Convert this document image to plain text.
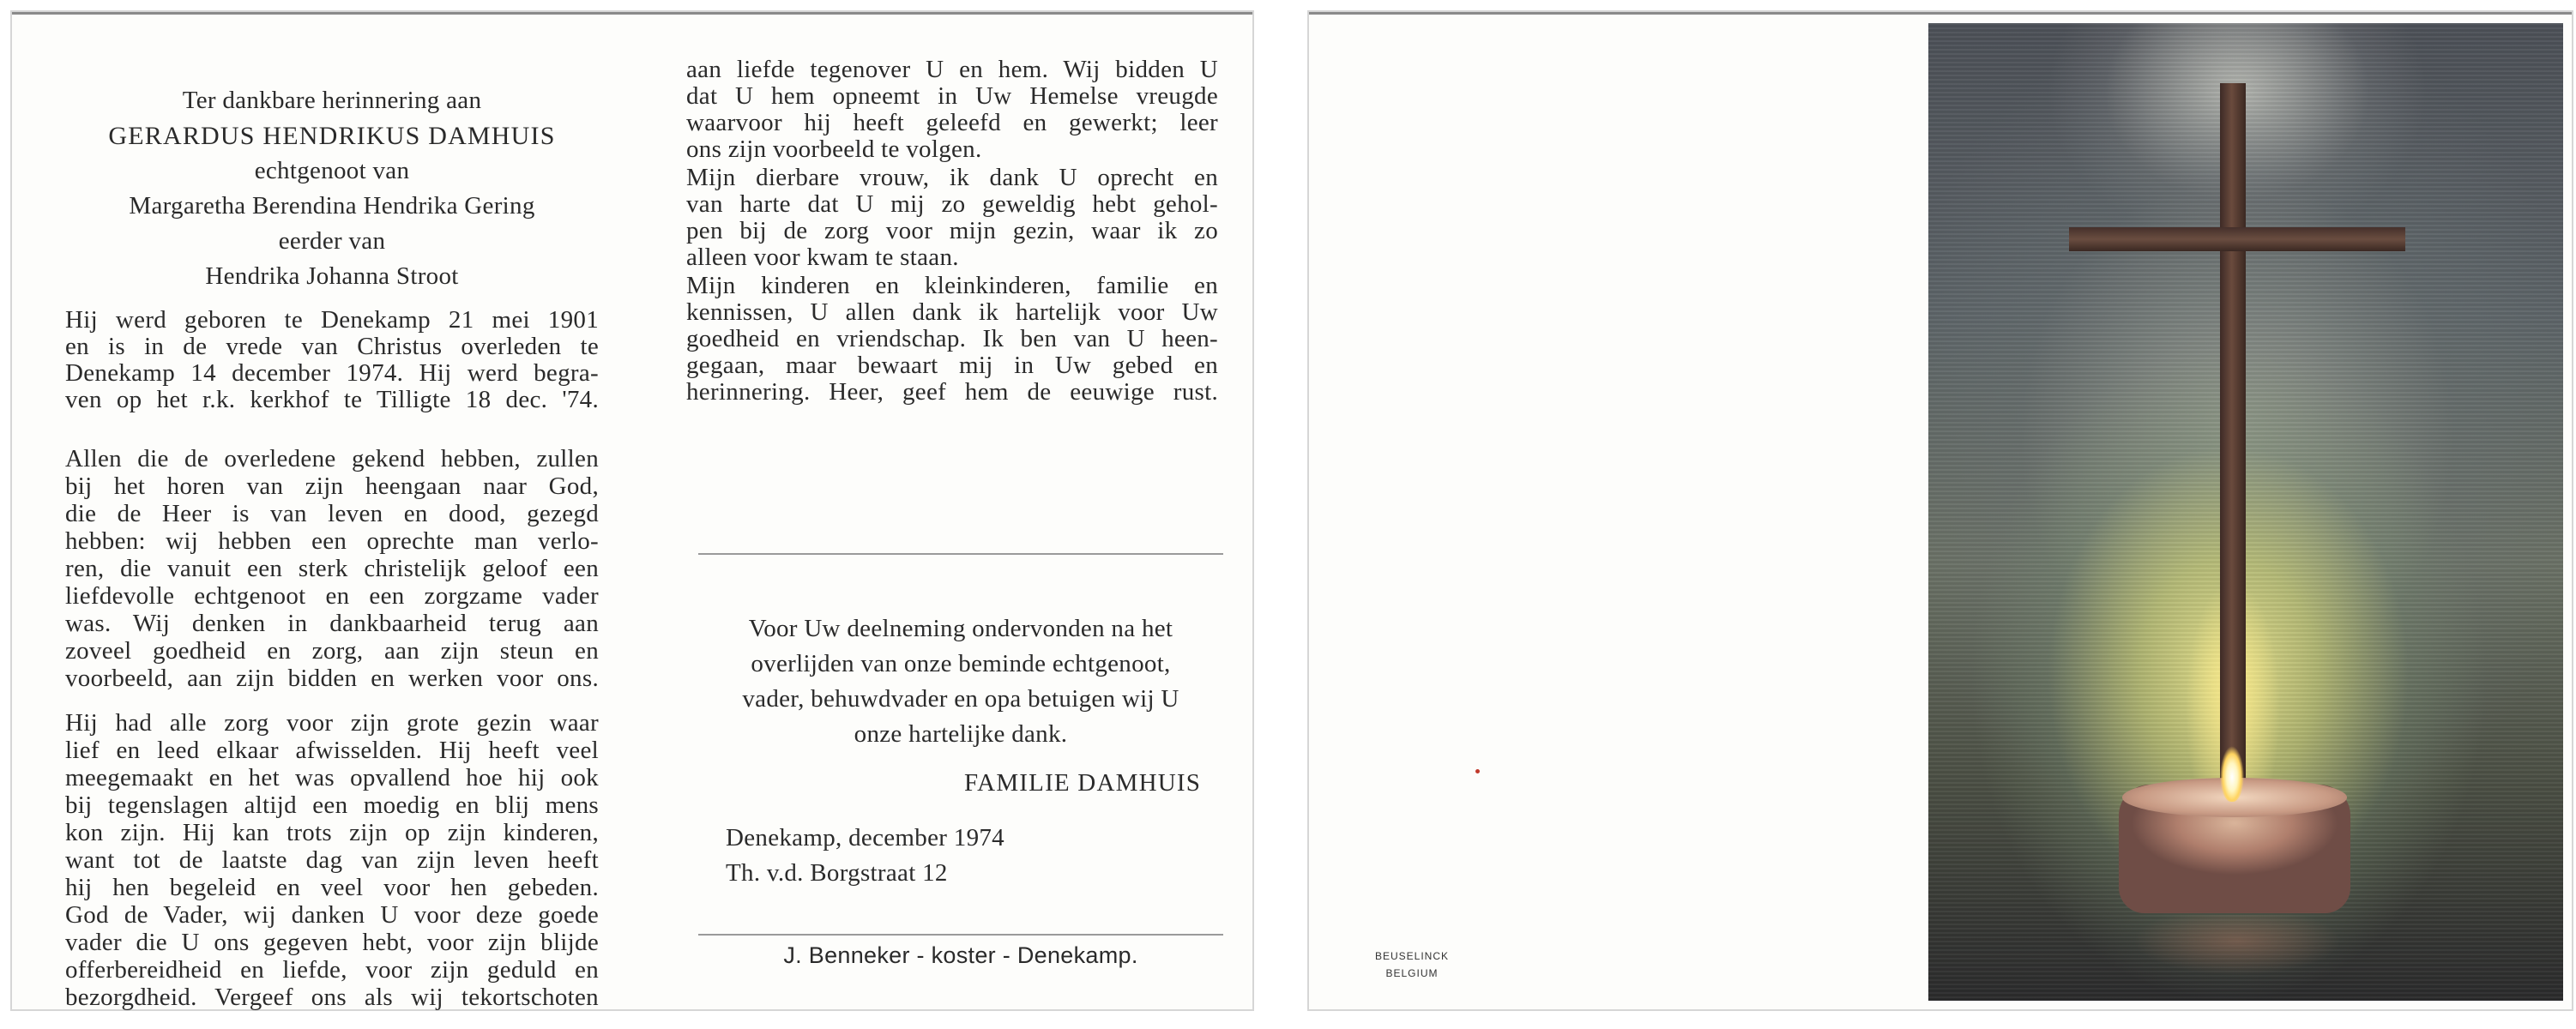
Ter dankbare herinnering aan
GERARDUS HENDRIKUS DAMHUIS
echtgenoot van
Margaretha Berendina Hendrika Gering
eerder van
Hendrika Johanna Stroot
Hij werd geboren te Denekamp 21 mei 1901
en is in de vrede van Christus overleden te
Denekamp 14 december 1974. Hij werd begra-
ven op het r.k. kerkhof te Tilligte 18 dec. '74.
Allen die de overledene gekend hebben, zullen
bij het horen van zijn heengaan naar God,
die de Heer is van leven en dood, gezegd
hebben: wij hebben een oprechte man verlo-
ren, die vanuit een sterk christelijk geloof een
liefdevolle echtgenoot en een zorgzame vader
was. Wij denken in dankbaarheid terug aan
zoveel goedheid en zorg, aan zijn steun en
voorbeeld, aan zijn bidden en werken voor ons.
Hij had alle zorg voor zijn grote gezin waar
lief en leed elkaar afwisselden. Hij heeft veel
meegemaakt en het was opvallend hoe hij ook
bij tegenslagen altijd een moedig en blij mens
kon zijn. Hij kan trots zijn op zijn kinderen,
want tot de laatste dag van zijn leven heeft
hij hen begeleid en veel voor hen gebeden.
God de Vader, wij danken U voor deze goede
vader die U ons gegeven hebt, voor zijn blijde
offerbereidheid en liefde, voor zijn geduld en
bezorgdheid. Vergeef ons als wij tekortschoten
aan liefde tegenover U en hem. Wij bidden U
dat U hem opneemt in Uw Hemelse vreugde
waarvoor hij heeft geleefd en gewerkt; leer
ons zijn voorbeeld te volgen.
Mijn dierbare vrouw, ik dank U oprecht en
van harte dat U mij zo geweldig hebt gehol-
pen bij de zorg voor mijn gezin, waar ik zo
alleen voor kwam te staan.
Mijn kinderen en kleinkinderen, familie en
kennissen, U allen dank ik hartelijk voor Uw
goedheid en vriendschap. Ik ben van U heen-
gegaan, maar bewaart mij in Uw gebed en
herinnering. Heer, geef hem de eeuwige rust.
Voor Uw deelneming ondervonden na het
overlijden van onze beminde echtgenoot,
vader, behuwdvader en opa betuigen wij U
onze hartelijke dank.
FAMILIE DAMHUIS
Denekamp, december 1974
Th. v.d. Borgstraat 12
J. Benneker - koster - Denekamp.	BEUSELINCK
BELGIUM
